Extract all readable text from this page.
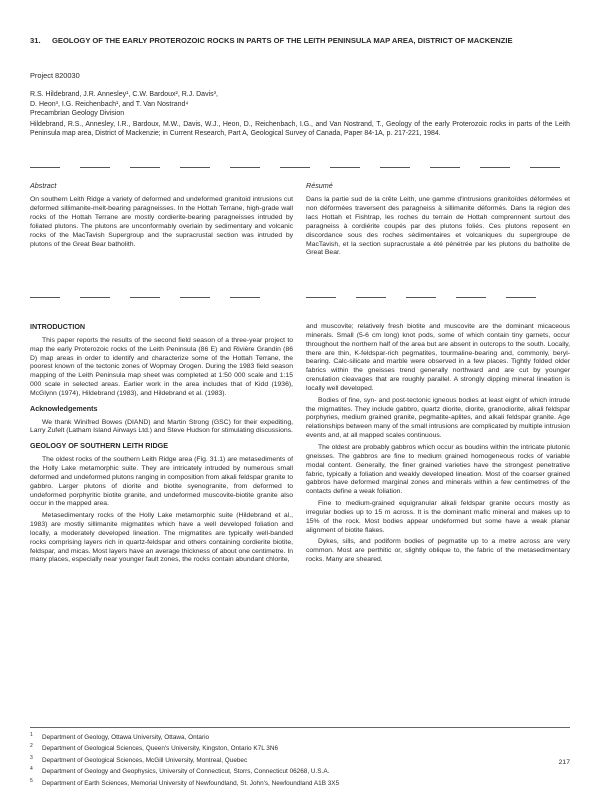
31. GEOLOGY OF THE EARLY PROTEROZOIC ROCKS IN PARTS OF THE LEITH PENINSULA MAP AREA, DISTRICT OF MACKENZIE
Project 820030
R.S. Hildebrand, J.R. Annesley¹, C.W. Bardoux², R.J. Davis³,
D. Heon³, I.G. Reichenbach¹, and T. Van Nostrand⁴
Precambrian Geology Division
Hildebrand, R.S., Annesley, I.R., Bardoux, M.W., Davis, W.J., Heon, D., Reichenbach, I.G., and Van Nostrand, T., Geology of the early Proterozoic rocks in parts of the Leith Peninsula map area, District of Mackenzie; in Current Research, Part A, Geological Survey of Canada, Paper 84-1A, p. 217-221, 1984.
Abstract
On southern Leith Ridge a variety of deformed and undeformed granitoid intrusions cut deformed sillimanite-melt-bearing paragneisses. In the Hottah Terrane, high-grade wall rocks of the Hottah Terrane are mostly cordierite-bearing paragneisses intruded by foliated plutons. The plutons are unconformably overlain by sedimentary and volcanic rocks of the MacTavish Supergroup and the supracrustal section was intruded by plutons of the Great Bear batholith.
Résumé
Dans la partie sud de la crête Leith, une gamme d'intrusions granitoïdes déformées et non déformées traversent des paragneiss à sillimanite déformés. Dans la région des lacs Hottah et Fishtrap, les roches du terrain de Hottah comprennent surtout des paragneiss à cordiérite coupés par des plutons foliés. Ces plutons reposent en discordance sous des roches sédimentaires et volcaniques du supergroupe de MacTavish, et la section supracrustale a été pénétrée par les plutons du batholite de Great Bear.
INTRODUCTION

This paper reports the results of the second field season of a three-year project to map the early Proterozoic rocks of the Leith Peninsula (86 E) and Rivière Grandin (86 D) map areas in order to identify and characterize some of the Hottah Terrane, the poorest known of the tectonic zones of Wopmay Orogen. During the 1983 field season mapping of the Leith Peninsula map sheet was completed at 1:50 000 scale and 1:15 000 scale in selected areas. Earlier work in the area includes that of Kidd (1936), McGlynn (1974), Hildebrand (1983), and Hildebrand et al. (1983).

Acknowledgements

We thank Winifred Bowes (DIAND) and Martin Strong (GSC) for their expediting, Larry Zufelt (Latham Island Airways Ltd.) and Steve Hudson for stimulating discussions.

GEOLOGY OF SOUTHERN LEITH RIDGE

The oldest rocks of the southern Leith Ridge area (Fig. 31.1) are metasediments of the Holly Lake metamorphic suite. They are intricately intruded by numerous small deformed and undeformed plutons ranging in composition from alkali feldspar granite to gabbro. Larger plutons of diorite and biotite syenogranite, from deformed to undeformed porphyritic biotite granite, and undeformed muscovite-biotite granite also occur in the mapped area.

Metasedimentary rocks of the Holly Lake metamorphic suite (Hildebrand et al., 1983) are mostly sillimanite migmatites which have a well developed foliation and locally, a moderately developed lineation. The migmatites are typically well-banded rocks comprising layers rich in quartz-feldspar and others containing cordierite biotite, feldspar, and micas. Most layers have an average thickness of about one centimetre. In many places, especially near younger fault zones, the rocks contain abundant chlorite,

and muscovite; relatively fresh biotite and muscovite are the dominant micaceous minerals. Small (5-6 cm long) knot pods, some of which contain tiny garnets, occur throughout the northern half of the area but are absent in outcrops to the south. Locally, there are thin, K-feldspar-rich pegmatites, tourmaline-bearing and, commonly, beryl-bearing. Calc-silicate and marble were observed in a few places. Tightly folded older fabrics within the gneisses trend generally northward and are cut by younger crenulation cleavages that are roughly parallel. A strongly dipping mineral lineation is locally well developed.

Bodies of fine, syn- and post-tectonic igneous bodies at least eight of which intrude the migmatites. They include gabbro, quartz diorite, diorite, granodiorite, alkali feldspar porphyries, medium grained granite, pegmatite-aplites, and alkali feldspar granite. Age relationships between many of the small intrusions are complicated by multiple intrusion events and, at all mapped scales continuous.

The oldest are probably gabbros which occur as boudins within the intricate plutonic gneisses. The gabbros are fine to medium grained homogeneous rocks of variable modal content. Generally, the finer grained varieties have the strongest penetrative fabric, typically a foliation and weakly developed lineation. Most of the coarser grained gabbros have deformed marginal zones and minerals within a few centimetres of the contacts define a weak foliation.

Fine to medium-grained equigranular alkali feldspar granite occurs mostly as irregular bodies up to 15 m across. It is the dominant mafic mineral and makes up to 15% of the rock. Most bodies appear undeformed but some have a weak planar alignment of biotite flakes.

Dykes, sills, and podiform bodies of pegmatite up to a metre across are very common. Most are perthitic or, slightly oblique to, the fabric of the metasedimentary rocks. Many are sheared.

1 Department of Geology, Ottawa University, Ottawa, Ontario
2 Department of Geological Sciences, Queen's University, Kingston, Ontario K7L 3N6
3 Department of Geological Sciences, McGill University, Montreal, Quebec
4 Department of Geology and Geophysics, University of Connecticut, Storrs, Connecticut 06268, U.S.A.
5 Department of Earth Sciences, Memorial University of Newfoundland, St. John's, Newfoundland A1B 3X5
217
